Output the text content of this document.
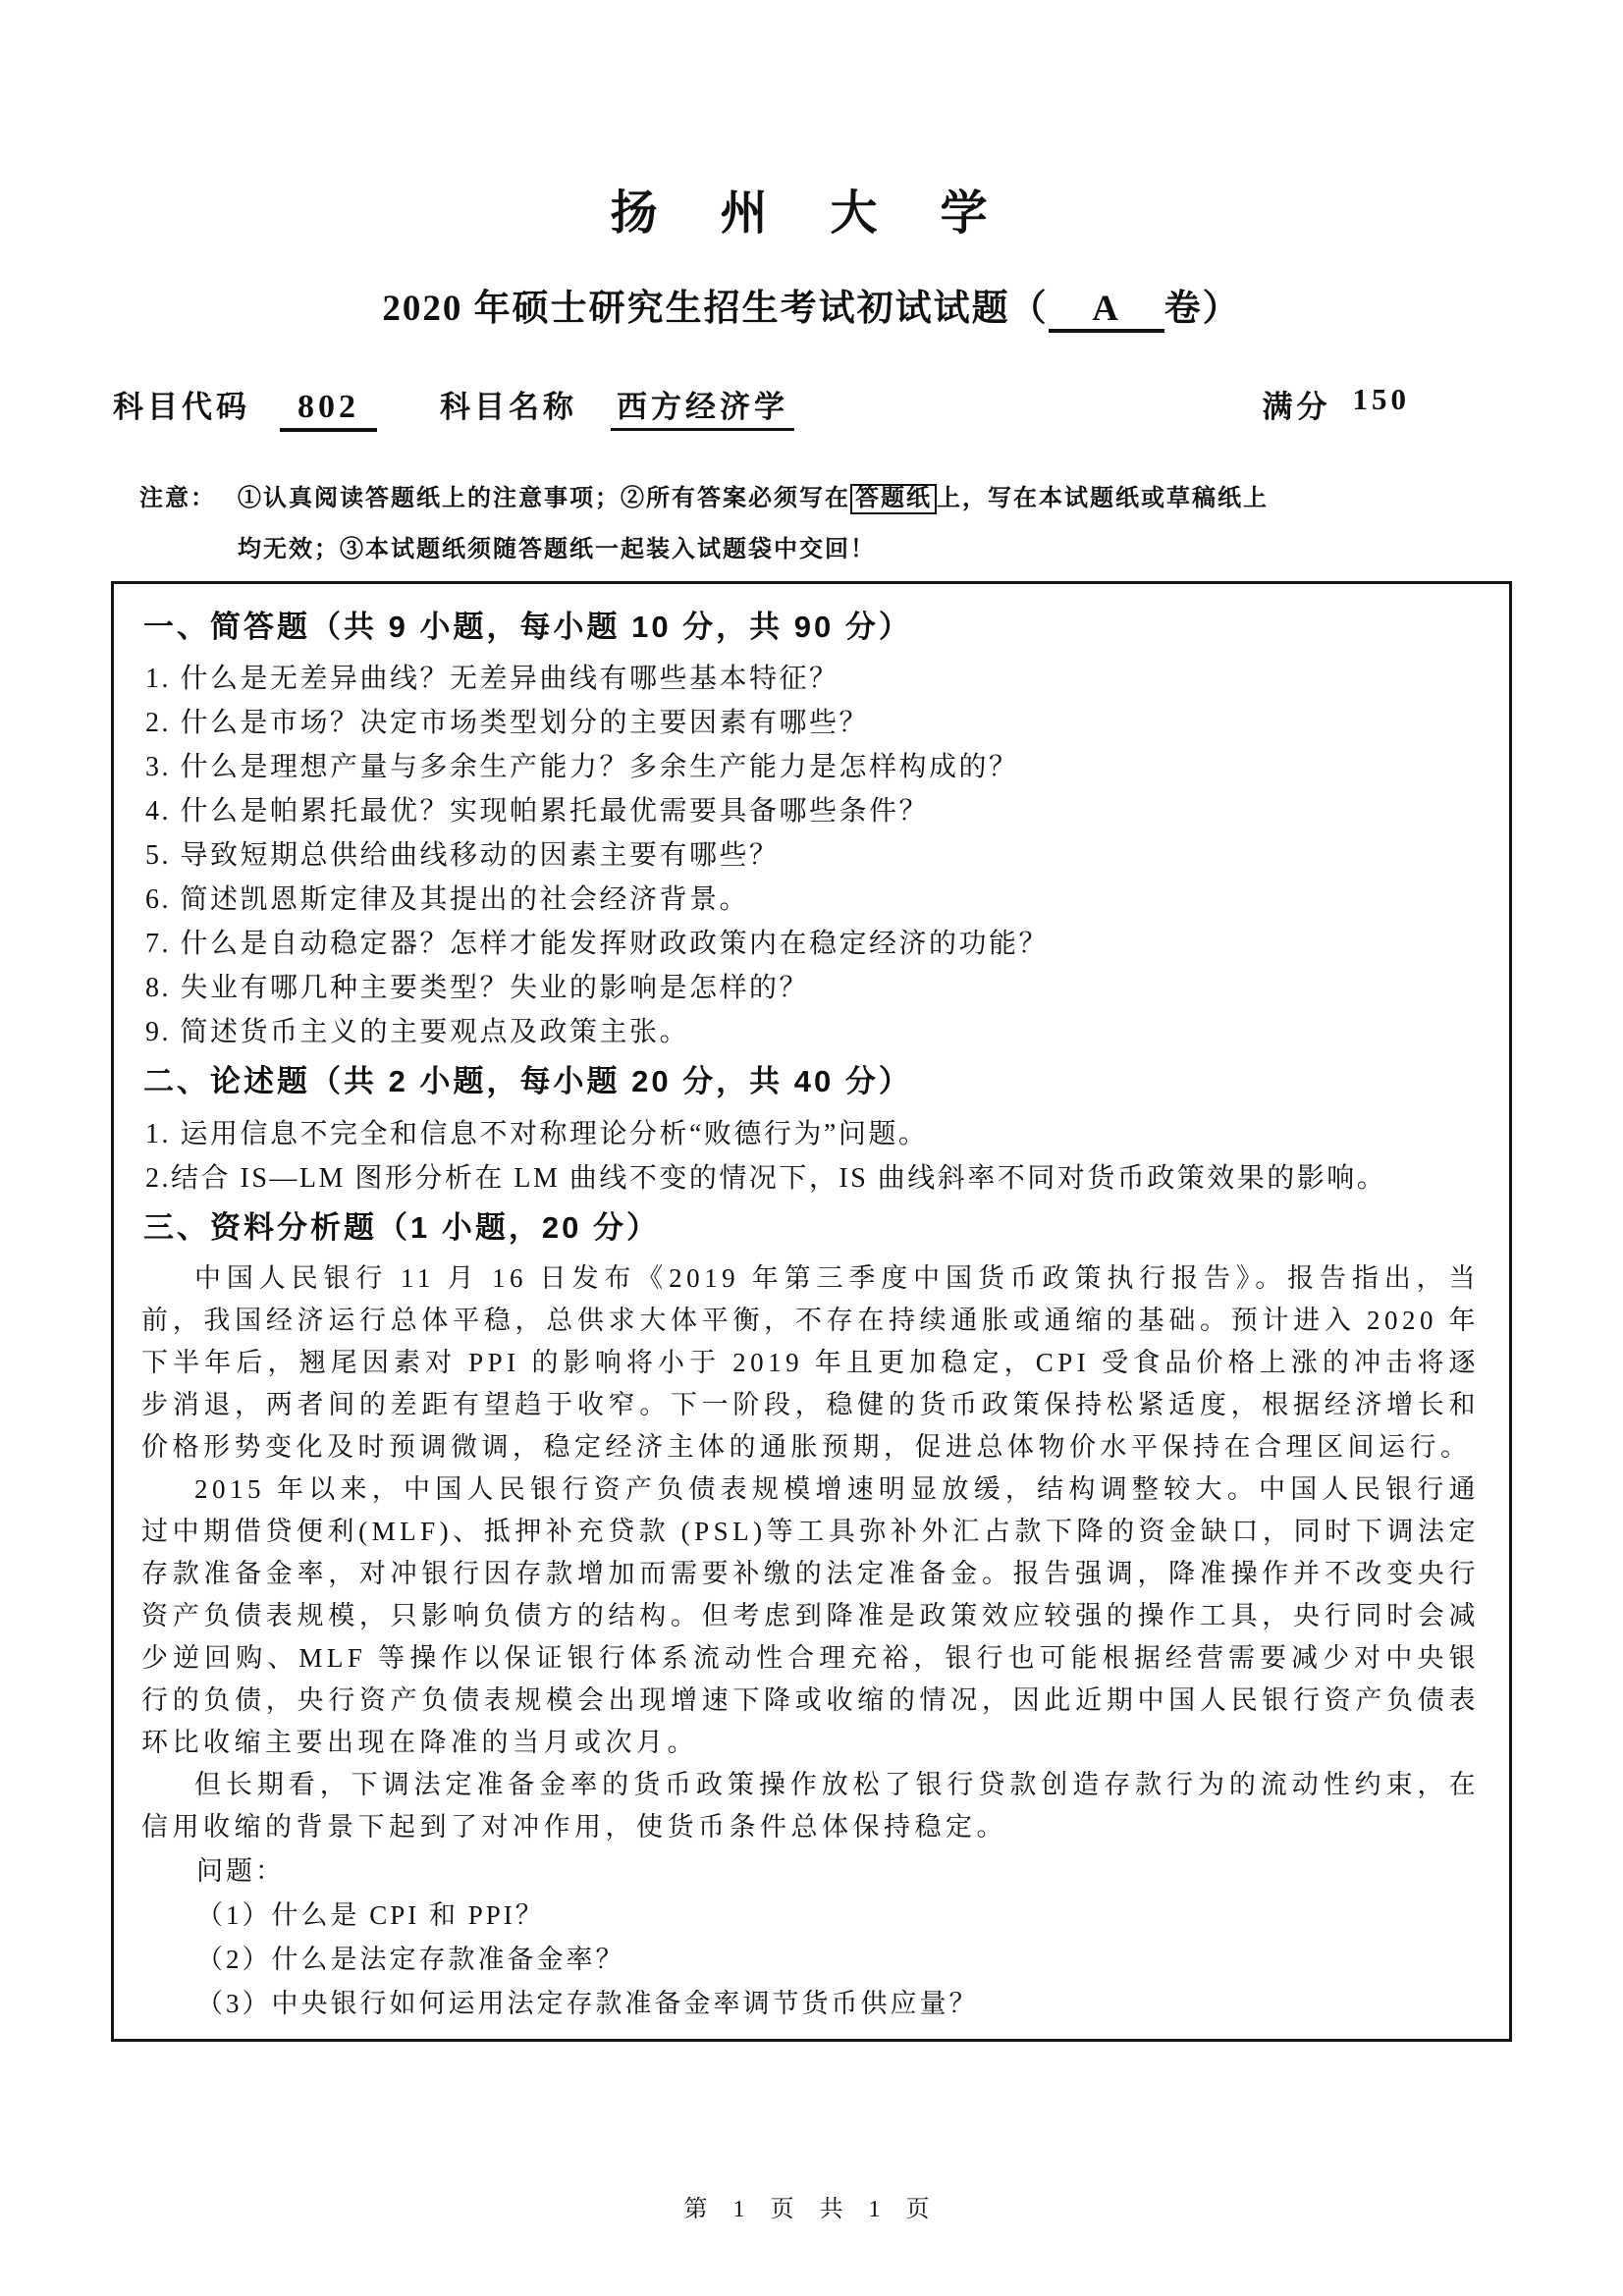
扬 州 大 学
2020 年硕士研究生招生考试初试试题（ A 卷）
科目代码	802	科目名称 西方经济学	满分 150
注意： ①认真阅读答题纸上的注意事项；②所有答案必须写在 答题纸 上，写在本试题纸或草稿纸上
均无效；③本试题纸须随答题纸一起装入试题袋中交回！
一、简答题（共 9 小题，每小题 10 分，共 90 分）
1. 什么是无差异曲线？无差异曲线有哪些基本特征？
2. 什么是市场？决定市场类型划分的主要因素有哪些？
3. 什么是理想产量与多余生产能力？多余生产能力是怎样构成的？
4. 什么是帕累托最优？实现帕累托最优需要具备哪些条件？
5. 导致短期总供给曲线移动的因素主要有哪些？
6. 简述凯恩斯定律及其提出的社会经济背景。
7. 什么是自动稳定器？怎样才能发挥财政政策内在稳定经济的功能？
8. 失业有哪几种主要类型？失业的影响是怎样的？
9. 简述货币主义的主要观点及政策主张。
二、论述题（共 2 小题，每小题 20 分，共 40 分）
1. 运用信息不完全和信息不对称理论分析“败德行为”问题。
2.结合 IS—LM 图形分析在 LM 曲线不变的情况下，IS 曲线斜率不同对货币政策效果的影响。
三、资料分析题（1 小题，20 分）

中国人民银行 11 月 16 日发布《2019 年第三季度中国货币政策执行报告》。报告指出，当前，我国经济运行总体平稳，总供求大体平衡，不存在持续通胀或通缩的基础。预计进入 2020 年下半年后，翘尾因素对 PPI 的影响将小于 2019 年且更加稳定，CPI 受食品价格上涨的冲击将逐步消退，两者间的差距有望趋于收窄。下一阶段，稳健的货币政策保持松紧适度，根据经济增长和价格形势变化及时预调微调，稳定经济主体的通胀预期，促进总体物价水平保持在合理区间运行。

2015 年以来，中国人民银行资产负债表规模增速明显放缓，结构调整较大。中国人民银行通过中期借贷便利(MLF)、抵押补充贷款 (PSL)等工具弥补外汇占款下降的资金缺口，同时下调法定存款准备金率，对冲银行因存款增加而需要补缴的法定准备金。报告强调，降准操作并不改变央行资产负债表规模，只影响负债方的结构。但考虑到降准是政策效应较强的操作工具，央行同时会减少逆回购、MLF 等操作以保证银行体系流动性合理充裕，银行也可能根据经营需要减少对中央银行的负债，央行资产负债表规模会出现增速下降或收缩的情况，因此近期中国人民银行资产负债表环比收缩主要出现在降准的当月或次月。

但长期看，下调法定准备金率的货币政策操作放松了银行贷款创造存款行为的流动性约束，在信用收缩的背景下起到了对冲作用，使货币条件总体保持稳定。

问题：
（1）什么是 CPI 和 PPI？
（2）什么是法定存款准备金率？
（3）中央银行如何运用法定存款准备金率调节货币供应量？
第 1 页 共 1 页
